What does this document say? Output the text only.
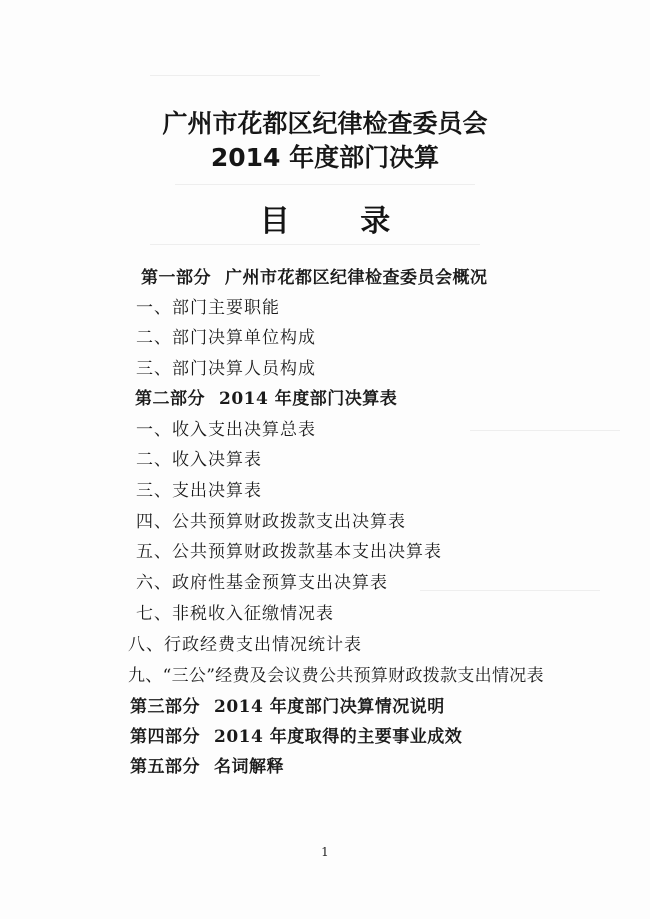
广州市花都区纪律检查委员会
2014 年度部门决算
目 录
第一部分 广州市花都区纪律检查委员会概况
一、部门主要职能
二、部门决算单位构成
三、部门决算人员构成
第二部分 2014 年度部门决算表
一、收入支出决算总表
二、收入决算表
三、支出决算表
四、公共预算财政拨款支出决算表
五、公共预算财政拨款基本支出决算表
六、政府性基金预算支出决算表
七、非税收入征缴情况表
八、行政经费支出情况统计表
九、“三公”经费及会议费公共预算财政拨款支出情况表
第三部分 2014 年度部门决算情况说明
第四部分 2014 年度取得的主要事业成效
第五部分 名词解释
1
